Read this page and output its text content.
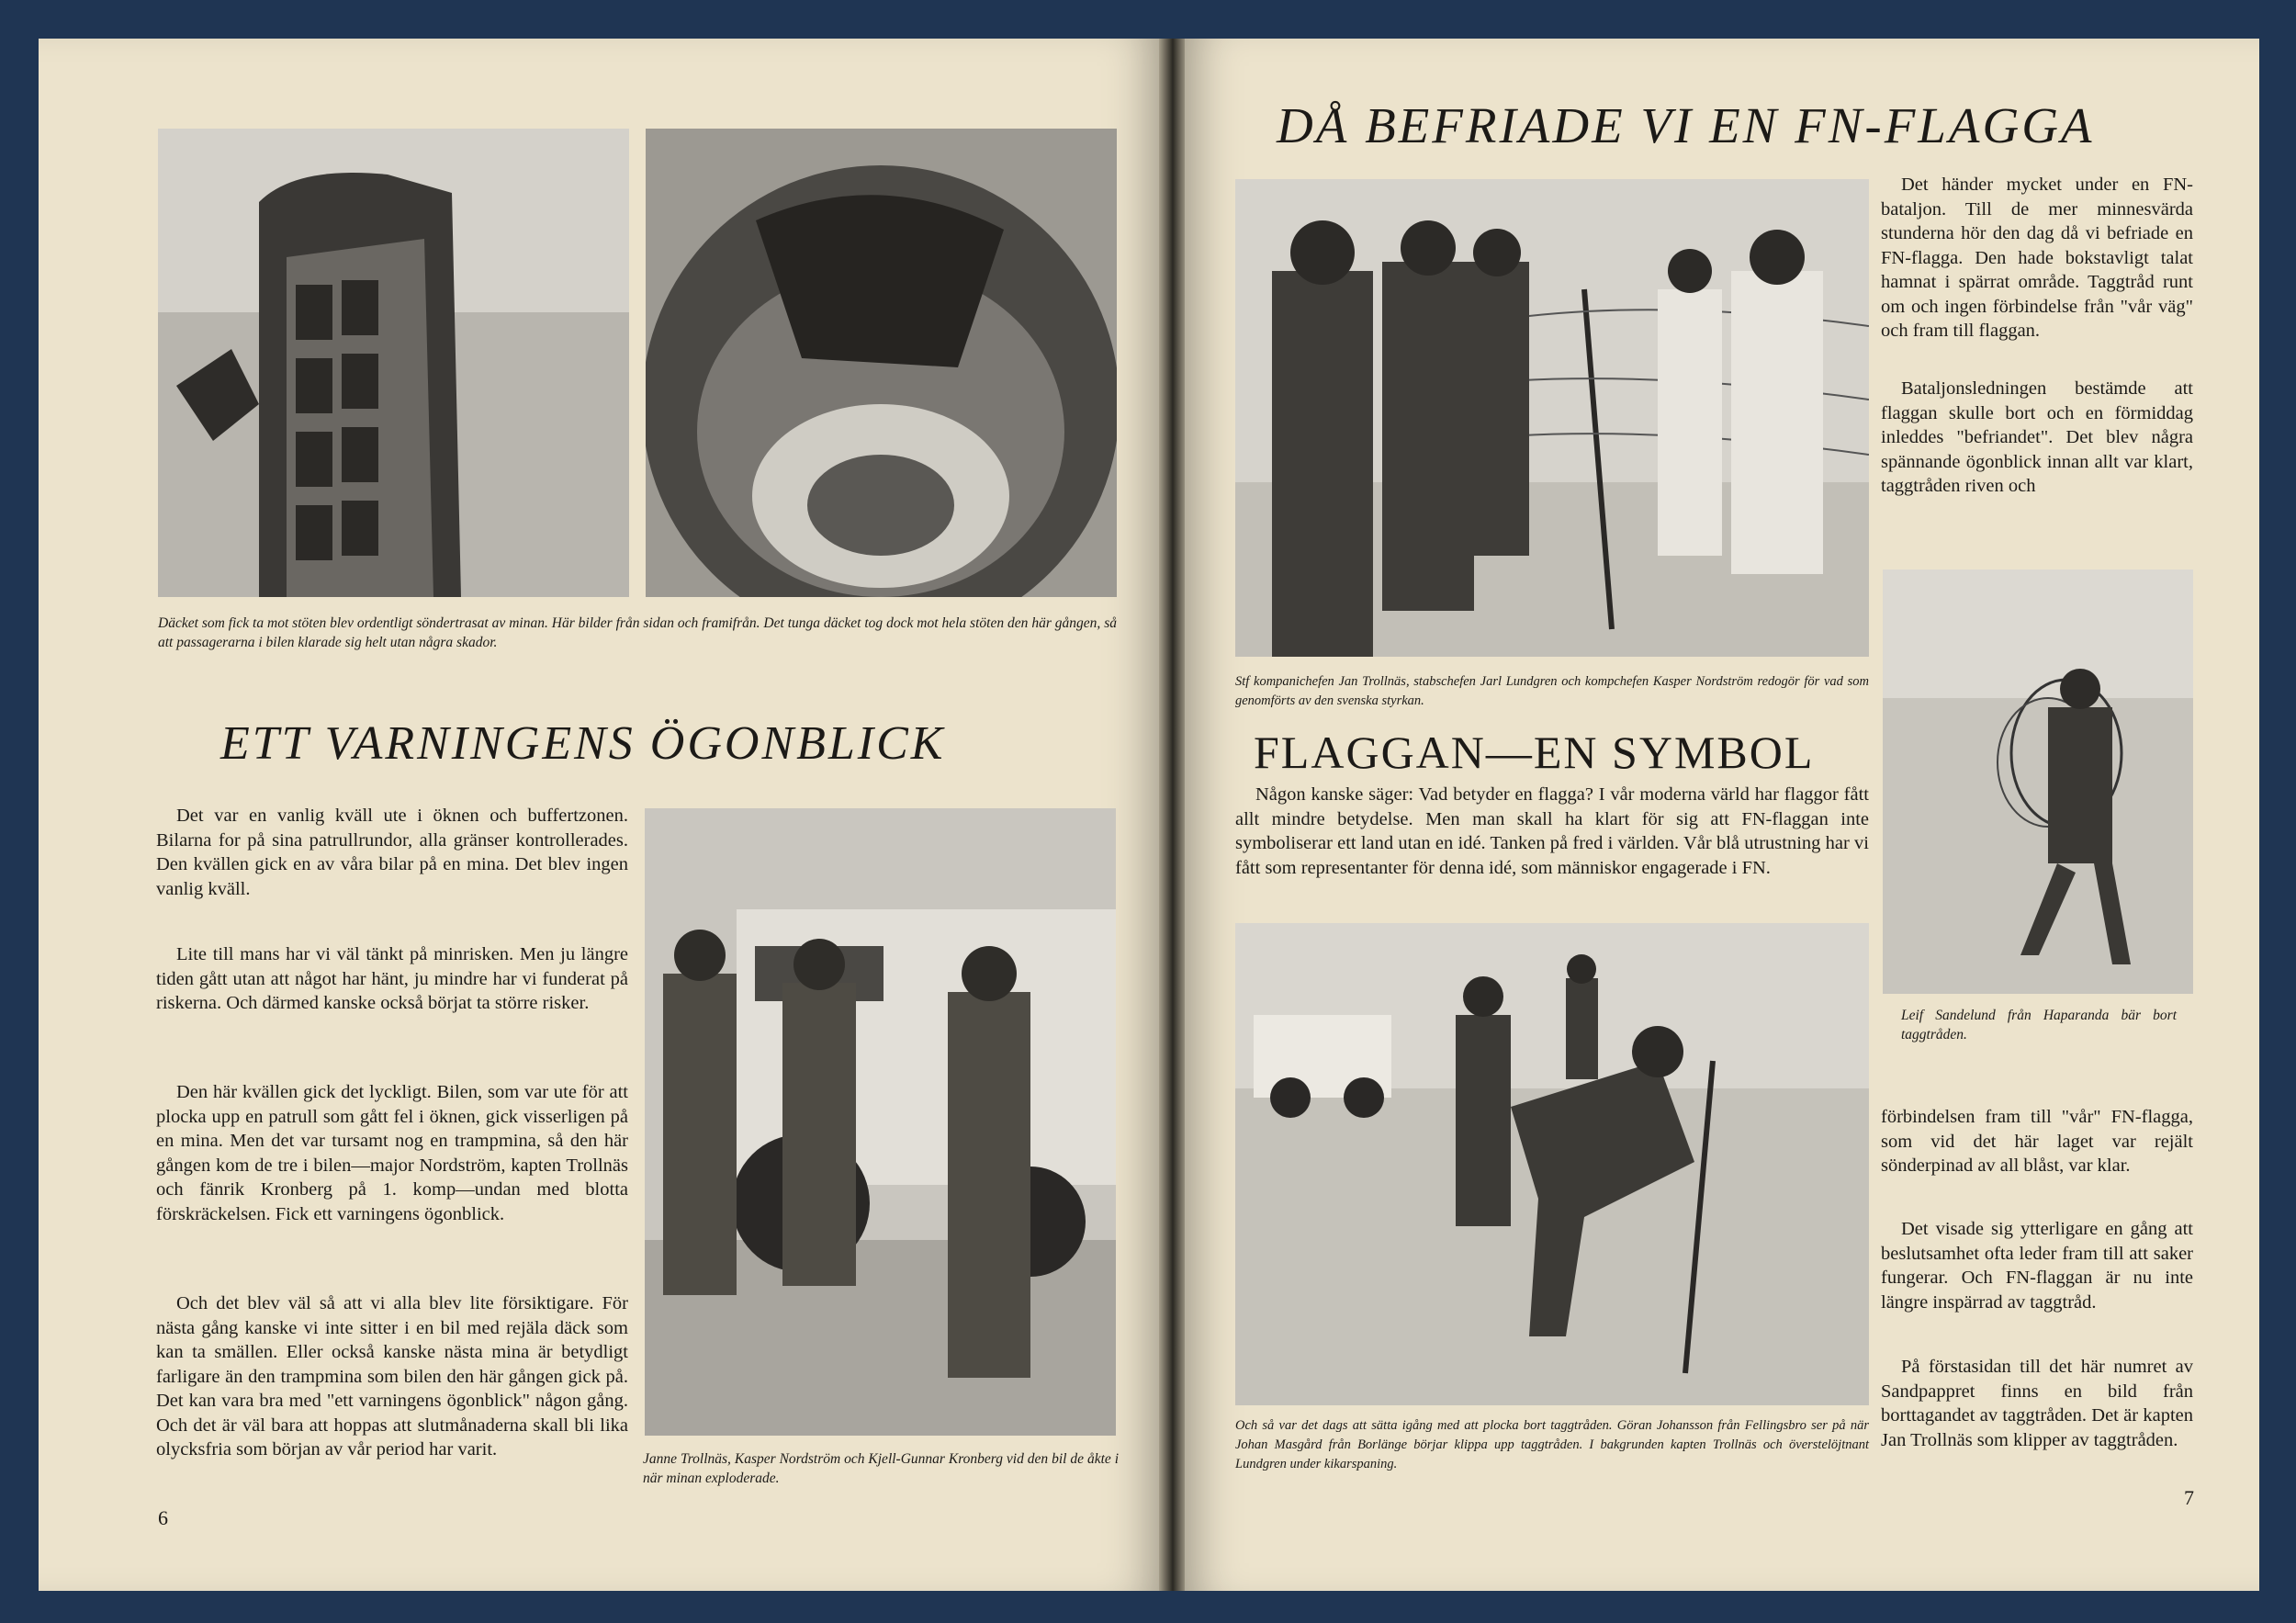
Däcket som fick ta mot stöten blev ordentligt söndertrasat av minan. Här bilder från sidan och framifrån. Det tunga däcket tog dock mot hela stöten den här gången, så att passagerarna i bilen klarade sig helt utan några skador.
ETT VARNINGENS ÖGONBLICK

Det var en vanlig kväll ute i öknen och buffertzonen. Bilarna for på sina patrullrundor, alla gränser kontrollerades. Den kvällen gick en av våra bilar på en mina. Det blev ingen vanlig kväll.

Lite till mans har vi väl tänkt på minrisken. Men ju längre tiden gått utan att något har hänt, ju mindre har vi funderat på riskerna. Och därmed kanske också börjat ta större risker.

Den här kvällen gick det lyckligt. Bilen, som var ute för att plocka upp en patrull som gått fel i öknen, gick visserligen på en mina. Men det var tursamt nog en trampmina, så den här gången kom de tre i bilen—major Nordström, kapten Trollnäs och fänrik Kronberg på 1. komp—undan med blotta förskräckelsen. Fick ett varningens ögonblick.

Och det blev väl så att vi alla blev lite försiktigare. För nästa gång kanske vi inte sitter i en bil med rejäla däck som kan ta smällen. Eller också kanske nästa mina är betydligt farligare än den trampmina som bilen den här gången gick på. Det kan vara bra med "ett varningens ögonblick" någon gång. Och det är väl bara att hoppas att slutmånaderna skall bli lika olycksfria som början av vår period har varit.	Janne Trollnäs, Kasper Nordström och Kjell-Gunnar Kronberg vid den bil de åkte i när minan exploderade.
6
DÅ BEFRIADE VI EN FN-FLAGGA
Stf kompanichefen Jan Trollnäs, stabschefen Jarl Lundgren och kompchefen Kasper Nordström redogör för vad som genomförts av den svenska styrkan.

Det händer mycket under en FN-bataljon. Till de mer minnesvärda stunderna hör den dag då vi befriade en FN-flagga. Den hade bokstavligt talat hamnat i spärrat område. Taggtråd runt om och ingen förbindelse från "vår väg" och fram till flaggan.

Bataljonsledningen bestämde att flaggan skulle bort och en förmiddag inleddes "befriandet". Det blev några spännande ögonblick innan allt var klart, taggtråden riven och

FLAGGAN—EN SYMBOL

Någon kanske säger: Vad betyder en flagga? I vår moderna värld har flaggor fått allt mindre betydelse. Men man skall ha klart för sig att FN-flaggan inte symboliserar ett land utan en idé. Tanken på fred i världen. Vår blå utrustning har vi fått som representanter för denna idé, som människor engagerade i FN.

Leif Sandelund från Haparanda bär bort taggtråden.
Och så var det dags att sätta igång med att plocka bort taggtråden. Göran Johansson från Fellingsbro ser på när Johan Masgård från Borlänge börjar klippa upp taggtråden. I bakgrunden kapten Trollnäs och överstelöjtnant Lundgren under kikarspaning.

förbindelsen fram till "vår" FN-flagga, som vid det här laget var rejält sönderpinad av all blåst, var klar.

Det visade sig ytterligare en gång att beslutsamhet ofta leder fram till att saker fungerar. Och FN-flaggan är nu inte längre inspärrad av taggtråd.

På förstasidan till det här numret av Sandpappret finns en bild från borttagandet av taggtråden. Det är kapten Jan Trollnäs som klipper av taggtråden.

7
